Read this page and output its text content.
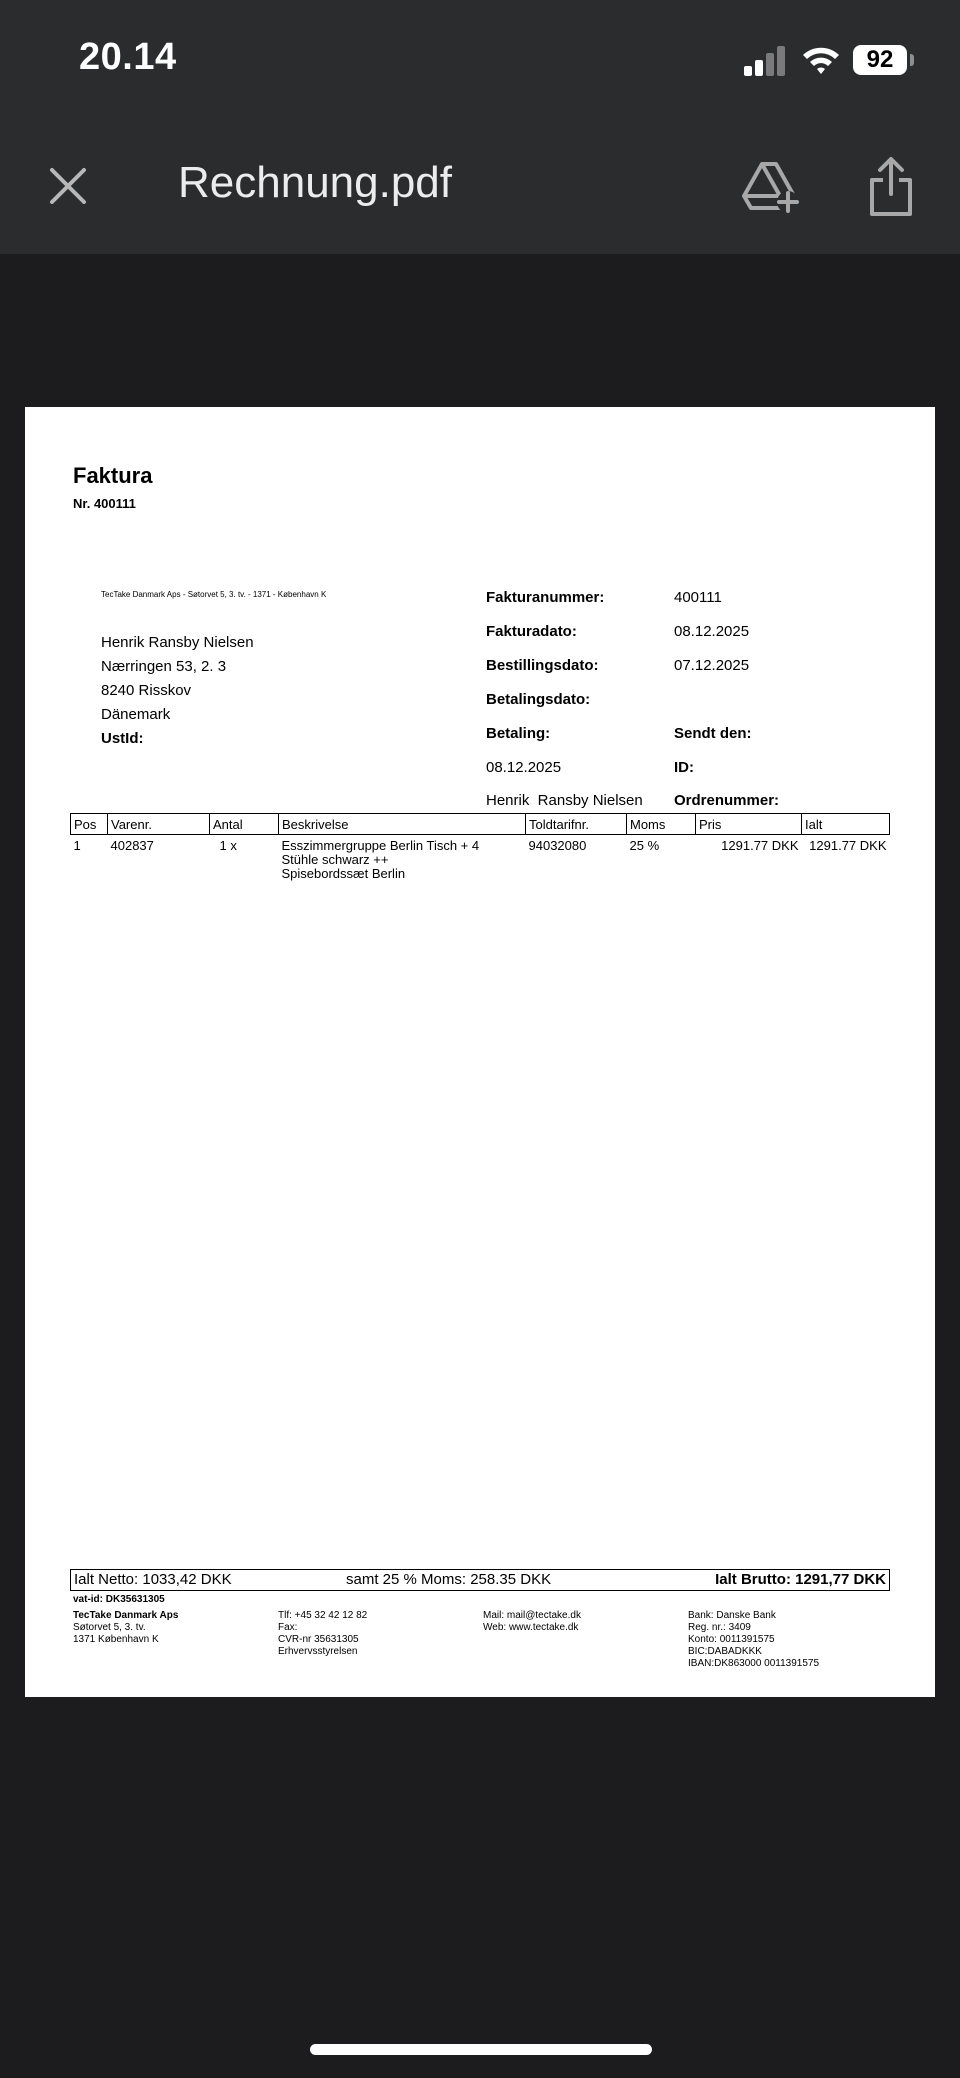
20.14	92
Rechnung.pdf
Faktura
Nr. 400111
TecTake Danmark Aps - Søtorvet 5, 3. tv. - 1371 - København K
Henrik Ransby Nielsen
Nærringen 53, 2. 3
8240 Risskov
Dänemark
UstId:
Fakturanummer:	400111
Fakturadato:	08.12.2025
Bestillingsdato:	07.12.2025
Betalingsdato:
Betaling:	Sendt den:
08.12.2025	ID:
Henrik  Ransby Nielsen Ordrenummer:
Pos	Varenr.	Antal	Beskrivelse	Toldtarifnr.	Moms	Pris	Ialt
1	402837	1 x	Esszimmergruppe Berlin Tisch + 4
Stühle schwarz ++
Spisebordssæt Berlin	94032080	25 %	1291.77 DKK	1291.77 DKK
Ialt Netto: 1033,42 DKK	samt 25 % Moms: 258.35 DKK	Ialt Brutto: 1291,77 DKK
vat-id: DK35631305
TecTake Danmark Aps
Søtorvet 5, 3. tv.
1371 København K
Tlf: +45 32 42 12 82
Fax:
CVR-nr 35631305
Erhvervsstyrelsen
Mail: mail@tectake.dk
Web: www.tectake.dk
Bank: Danske Bank
Reg. nr.: 3409
Konto: 0011391575
BIC:DABADKKK
IBAN:DK863000 0011391575
